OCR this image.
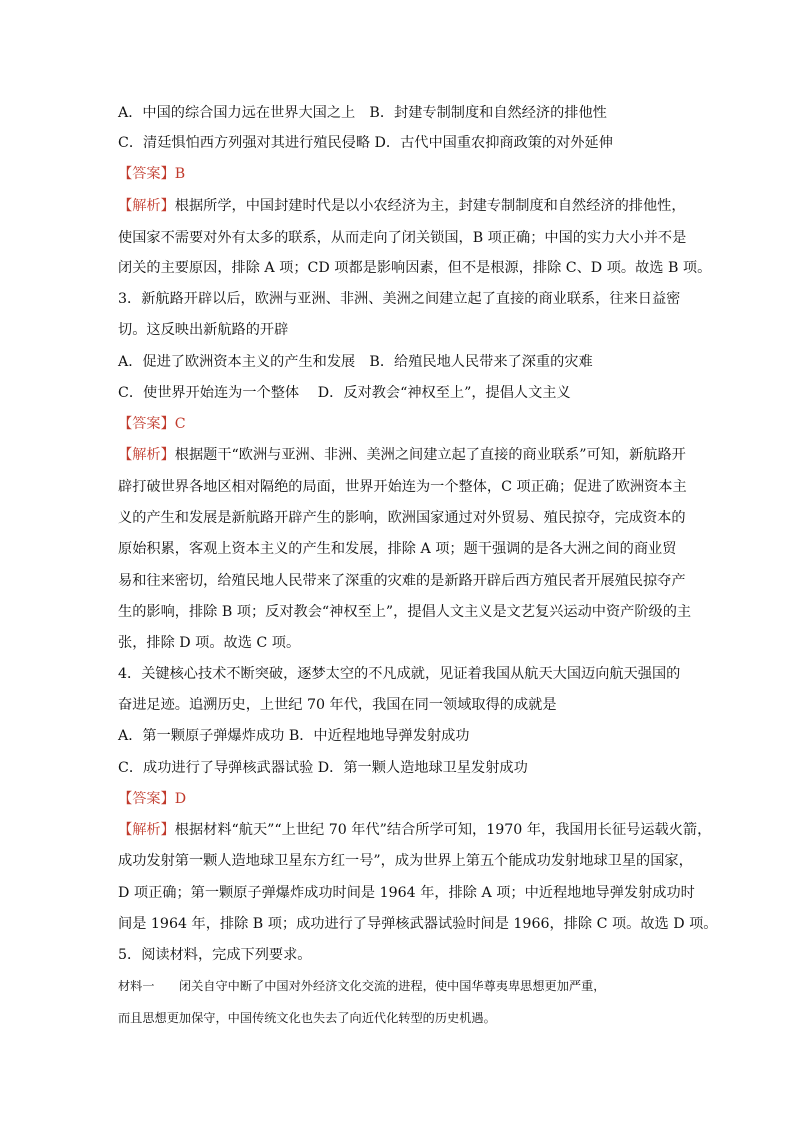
A．中国的综合国力远在世界大国之上　B．封建专制制度和自然经济的排他性
C．清廷惧怕西方列强对其进行殖民侵略 D．古代中国重农抑商政策的对外延伸
【答案】B
【解析】根据所学，中国封建时代是以小农经济为主，封建专制制度和自然经济的排他性，
使国家不需要对外有太多的联系，从而走向了闭关锁国，B 项正确；中国的实力大小并不是
闭关的主要原因，排除 A 项；CD 项都是影响因素，但不是根源，排除 C、D 项。故选 B 项。
3．新航路开辟以后，欧洲与亚洲、非洲、美洲之间建立起了直接的商业联系，往来日益密
切。这反映出新航路的开辟
A．促进了欧洲资本主义的产生和发展　B．给殖民地人民带来了深重的灾难
C．使世界开始连为一个整体　 D．反对教会“神权至上”，提倡人文主义
【答案】C
【解析】根据题干“欧洲与亚洲、非洲、美洲之间建立起了直接的商业联系”可知，新航路开
辟打破世界各地区相对隔绝的局面，世界开始连为一个整体，C 项正确；促进了欧洲资本主
义的产生和发展是新航路开辟产生的影响，欧洲国家通过对外贸易、殖民掠夺，完成资本的
原始积累，客观上资本主义的产生和发展，排除 A 项；题干强调的是各大洲之间的商业贸
易和往来密切，给殖民地人民带来了深重的灾难的是新路开辟后西方殖民者开展殖民掠夺产
生的影响，排除 B 项；反对教会“神权至上”，提倡人文主义是文艺复兴运动中资产阶级的主
张，排除 D 项。故选 C 项。
4．关键核心技术不断突破，逐梦太空的不凡成就，见证着我国从航天大国迈向航天强国的
奋进足迹。追溯历史，上世纪 70 年代，我国在同一领域取得的成就是
A．第一颗原子弹爆炸成功 B．中近程地地导弹发射成功
C．成功进行了导弹核武器试验 D．第一颗人造地球卫星发射成功
【答案】D
【解析】根据材料“航天”“上世纪 70 年代”结合所学可知，1970 年，我国用长征号运载火箭，
成功发射第一颗人造地球卫星东方红一号”，成为世界上第五个能成功发射地球卫星的国家，
D 项正确；第一颗原子弹爆炸成功时间是 1964 年，排除 A 项；中近程地地导弹发射成功时
间是 1964 年，排除 B 项；成功进行了导弹核武器试验时间是 1966，排除 C 项。故选 D 项。
5．阅读材料，完成下列要求。
材料一　　闭关自守中断了中国对外经济文化交流的进程，使中国华尊夷卑思想更加严重，
而且思想更加保守，中国传统文化也失去了向近代化转型的历史机遇。
